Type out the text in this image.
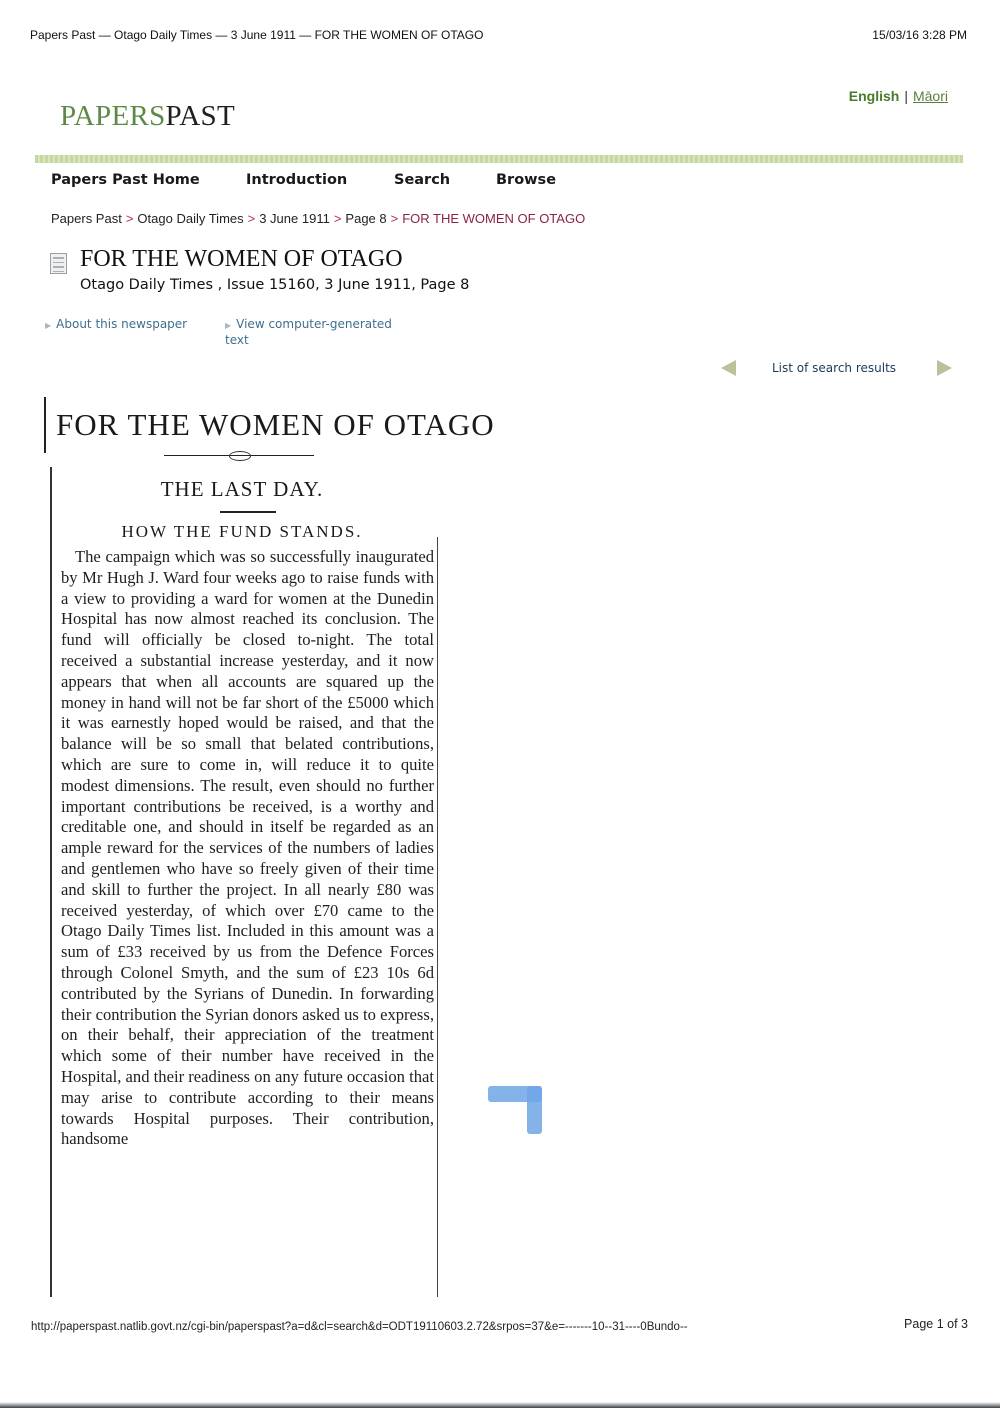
Papers Past — Otago Daily Times — 3 June 1911 — FOR THE WOMEN OF OTAGO	15/03/16 3:28 PM
English | Māori
PAPERSPAST
Papers Past Home	Introduction	Search	Browse
Papers Past > Otago Daily Times > 3 June 1911 > Page 8 > FOR THE WOMEN OF OTAGO
FOR THE WOMEN OF OTAGO
Otago Daily Times , Issue 15160, 3 June 1911, Page 8
▶ About this newspaper	▶ View computer-generated text
List of search results
FOR THE WOMEN OF OTAGO
THE LAST DAY.
HOW THE FUND STANDS.
The campaign which was so successfully inaugurated by Mr Hugh J. Ward four weeks ago to raise funds with a view to providing a ward for women at the Dunedin Hospital has now almost reached its conclusion. The fund will officially be closed to-night. The total received a substantial increase yesterday, and it now appears that when all accounts are squared up the money in hand will not be far short of the £5000 which it was earnestly hoped would be raised, and that the balance will be so small that belated contributions, which are sure to come in, will reduce it to quite modest dimensions. The result, even should no further important contributions be received, is a worthy and creditable one, and should in itself be regarded as an ample reward for the services of the numbers of ladies and gentlemen who have so freely given of their time and skill to further the project. In all nearly £80 was received yesterday, of which over £70 came to the Otago Daily Times list. Included in this amount was a sum of £33 received by us from the Defence Forces through Colonel Smyth, and the sum of £23 10s 6d contributed by the Syrians of Dunedin. In forwarding their contribution the Syrian donors asked us to express, on their behalf, their appreciation of the treatment which some of their number have received in the Hospital, and their readiness on any future occasion that may arise to contribute according to their means towards Hospital purposes. Their contribution, handsome
http://paperspast.natlib.govt.nz/cgi-bin/paperspast?a=d&cl=search&d=ODT19110603.2.72&srpos=37&e=-------10--31----0Bundo--	Page 1 of 3
